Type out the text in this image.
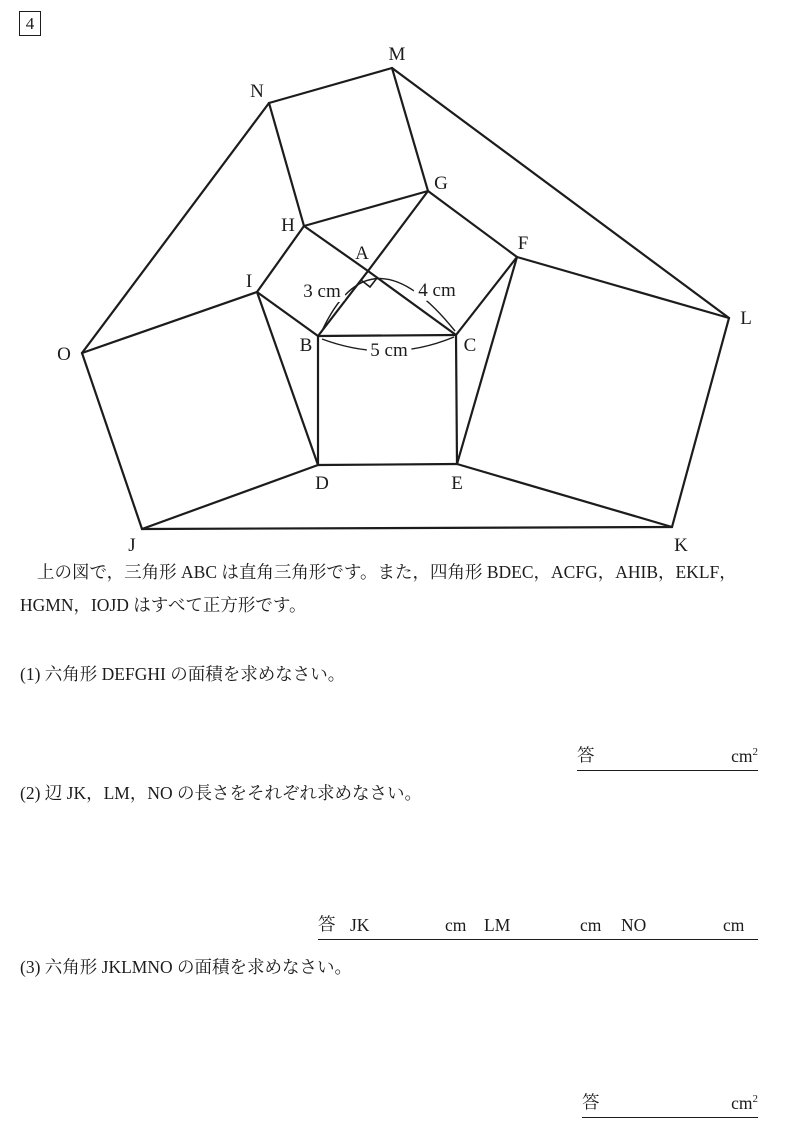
4
A
B	C
D	E
F
G
H
I
J	K
L
M
N
O
3 cm	4 cm
5 cm

上の図で，三角形 ABC は直角三角形です。また，四角形 BDEC，ACFG，AHIB，EKLF，
HGMN，IOJD はすべて正方形です。

(1) 六角形 DEFGHI の面積を求めなさい。
答	$cm^2$
(2) 辺 JK，LM，NO の長さをそれぞれ求めなさい。
答 JK	cm LM	cm NO	cm
(3) 六角形 JKLMNO の面積を求めなさい。
答	$cm^2$
